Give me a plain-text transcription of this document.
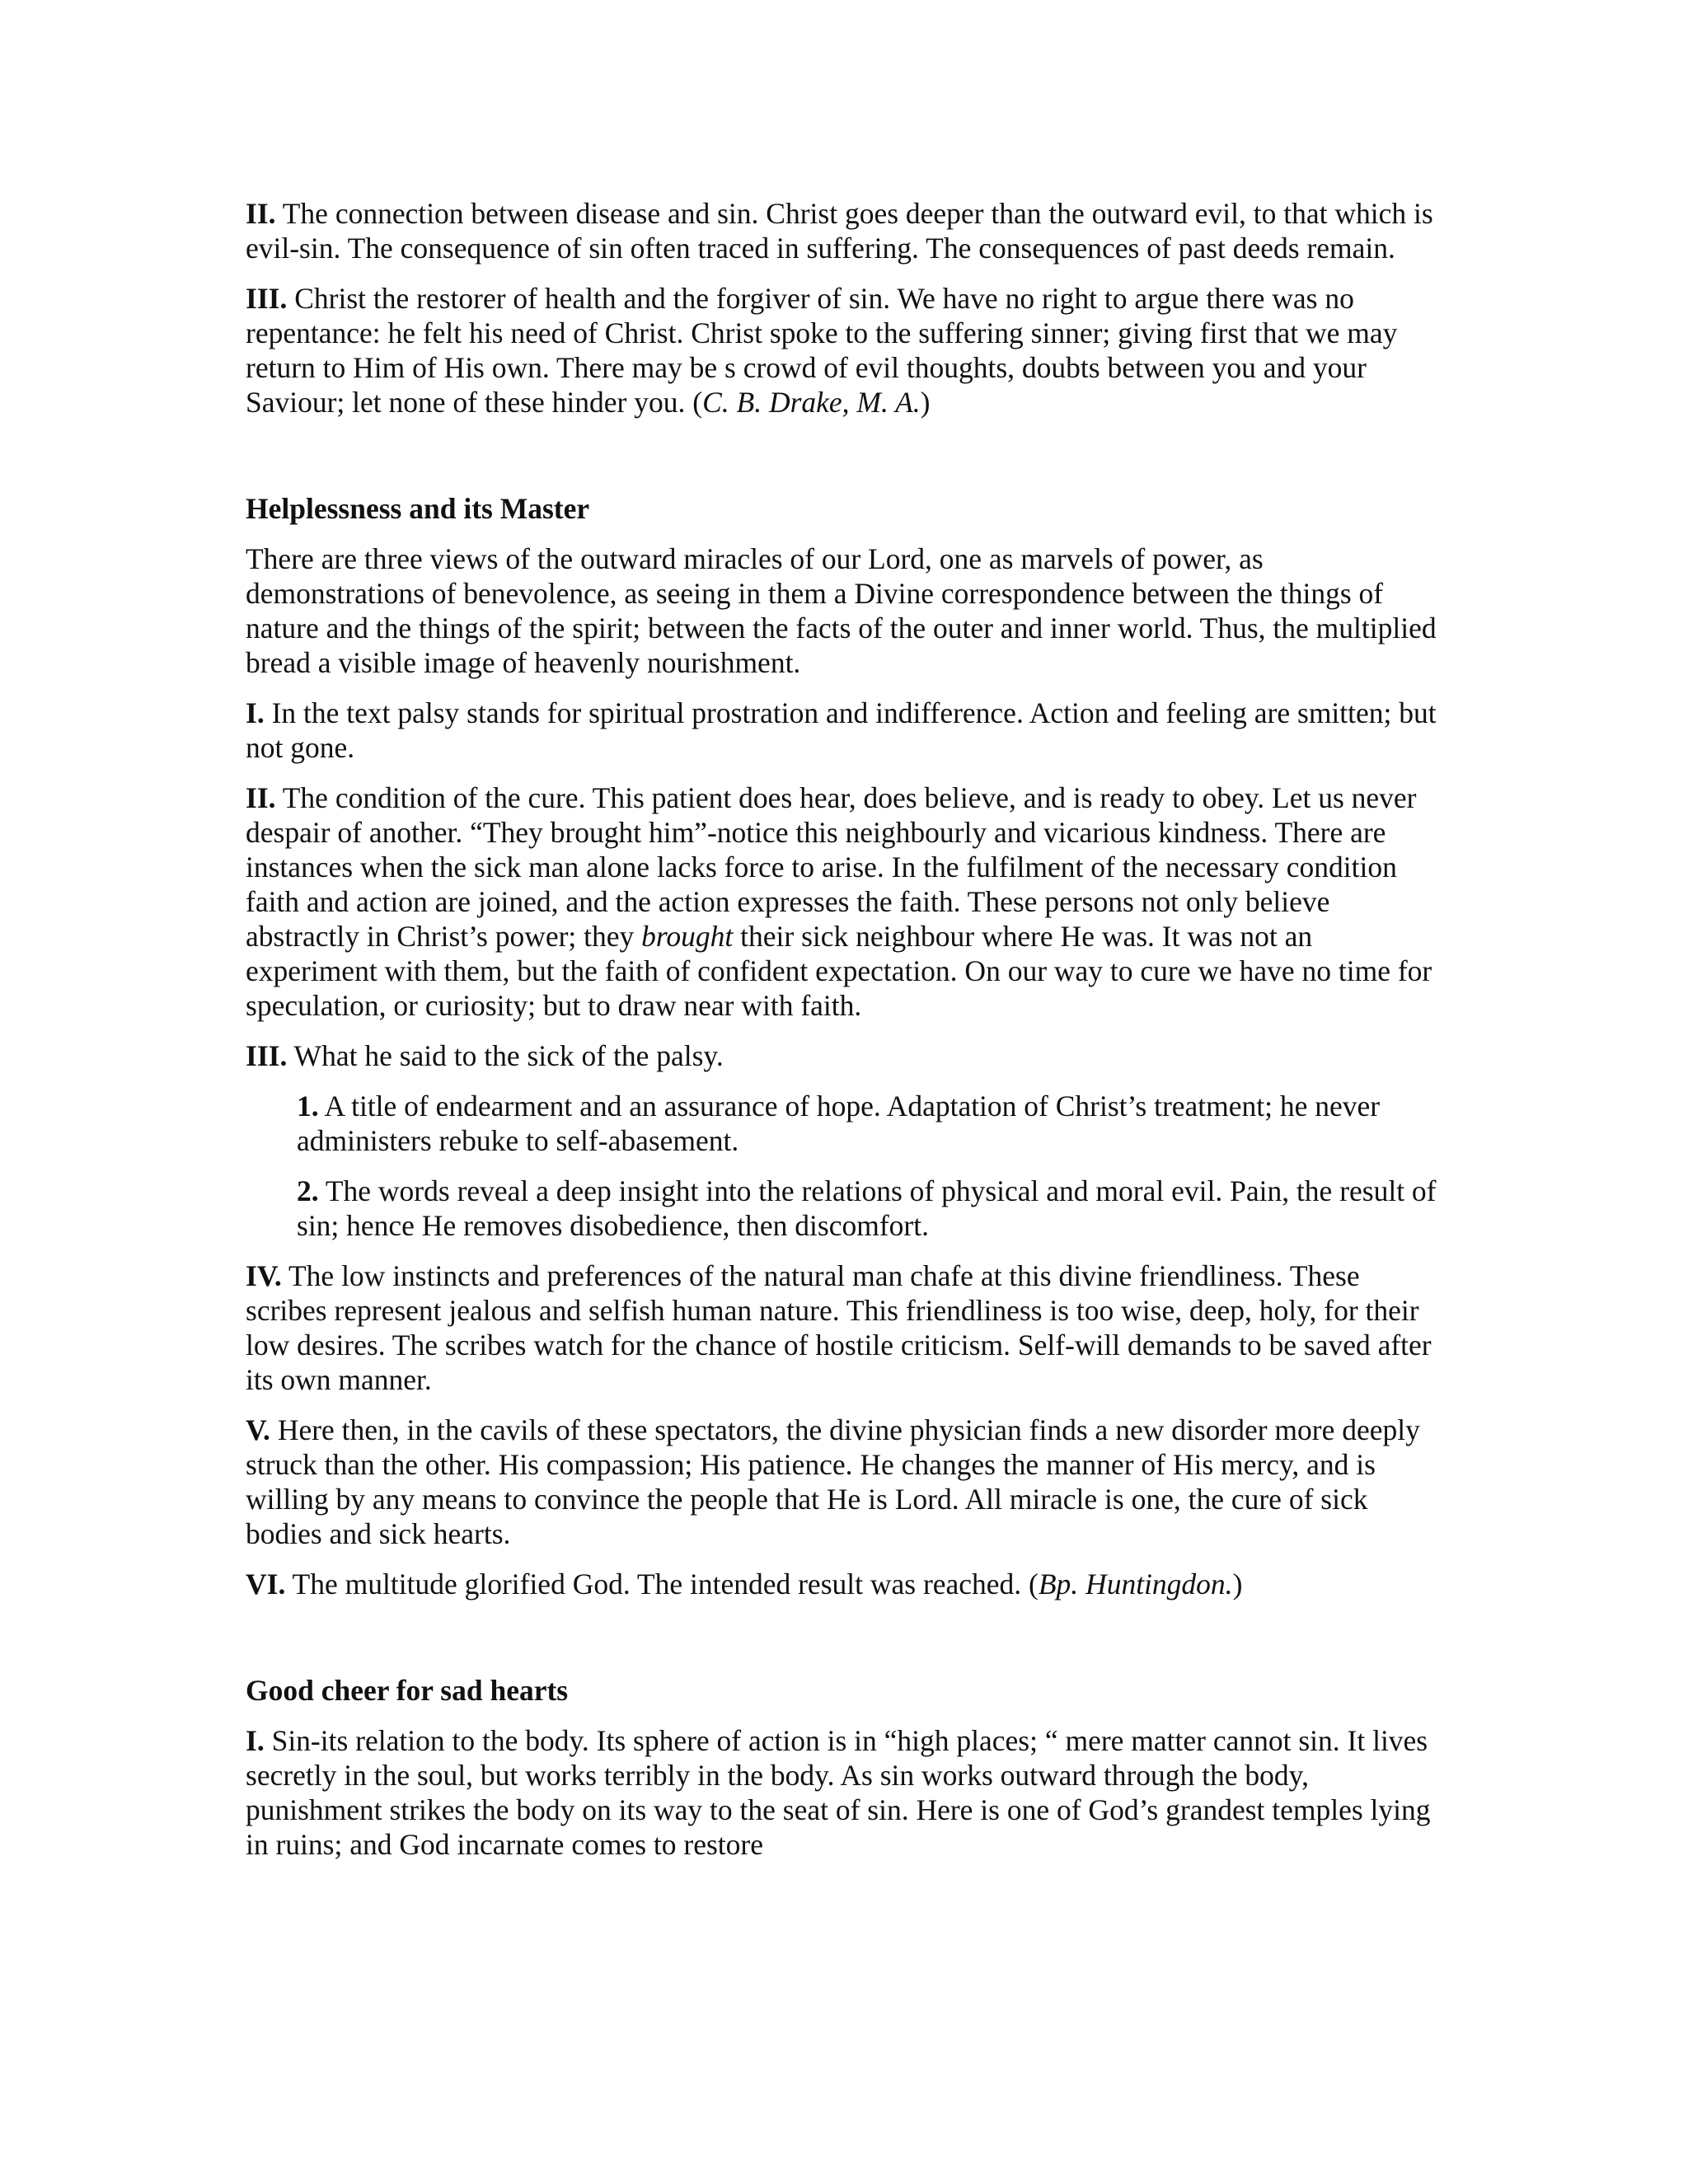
II. The connection between disease and sin. Christ goes deeper than the outward evil, to that which is evil-sin. The consequence of sin often traced in suffering. The consequences of past deeds remain.

III. Christ the restorer of health and the forgiver of sin. We have no right to argue there was no repentance: he felt his need of Christ. Christ spoke to the suffering sinner; giving first that we may return to Him of His own. There may be s crowd of evil thoughts, doubts between you and your Saviour; let none of these hinder you. (C. B. Drake, M. A.)

Helplessness and its Master

There are three views of the outward miracles of our Lord, one as marvels of power, as demonstrations of benevolence, as seeing in them a Divine correspondence between the things of nature and the things of the spirit; between the facts of the outer and inner world. Thus, the multiplied bread a visible image of heavenly nourishment.

I. In the text palsy stands for spiritual prostration and indifference. Action and feeling are smitten; but not gone.

II. The condition of the cure. This patient does hear, does believe, and is ready to obey. Let us never despair of another. “They brought him”-notice this neighbourly and vicarious kindness. There are instances when the sick man alone lacks force to arise. In the fulfilment of the necessary condition faith and action are joined, and the action expresses the faith. These persons not only believe abstractly in Christ’s power; they brought their sick neighbour where He was. It was not an experiment with them, but the faith of confident expectation. On our way to cure we have no time for speculation, or curiosity; but to draw near with faith.

III. What he said to the sick of the palsy.

1. A title of endearment and an assurance of hope. Adaptation of Christ’s treatment; he never administers rebuke to self-abasement.

2. The words reveal a deep insight into the relations of physical and moral evil. Pain, the result of sin; hence He removes disobedience, then discomfort.

IV. The low instincts and preferences of the natural man chafe at this divine friendliness. These scribes represent jealous and selfish human nature. This friendliness is too wise, deep, holy, for their low desires. The scribes watch for the chance of hostile criticism. Self-will demands to be saved after its own manner.

V. Here then, in the cavils of these spectators, the divine physician finds a new disorder more deeply struck than the other. His compassion; His patience. He changes the manner of His mercy, and is willing by any means to convince the people that He is Lord. All miracle is one, the cure of sick bodies and sick hearts.

VI. The multitude glorified God. The intended result was reached. (Bp. Huntingdon.)

Good cheer for sad hearts

I. Sin-its relation to the body. Its sphere of action is in “high places; “ mere matter cannot sin. It lives secretly in the soul, but works terribly in the body. As sin works outward through the body, punishment strikes the body on its way to the seat of sin. Here is one of God’s grandest temples lying in ruins; and God incarnate comes to restore
